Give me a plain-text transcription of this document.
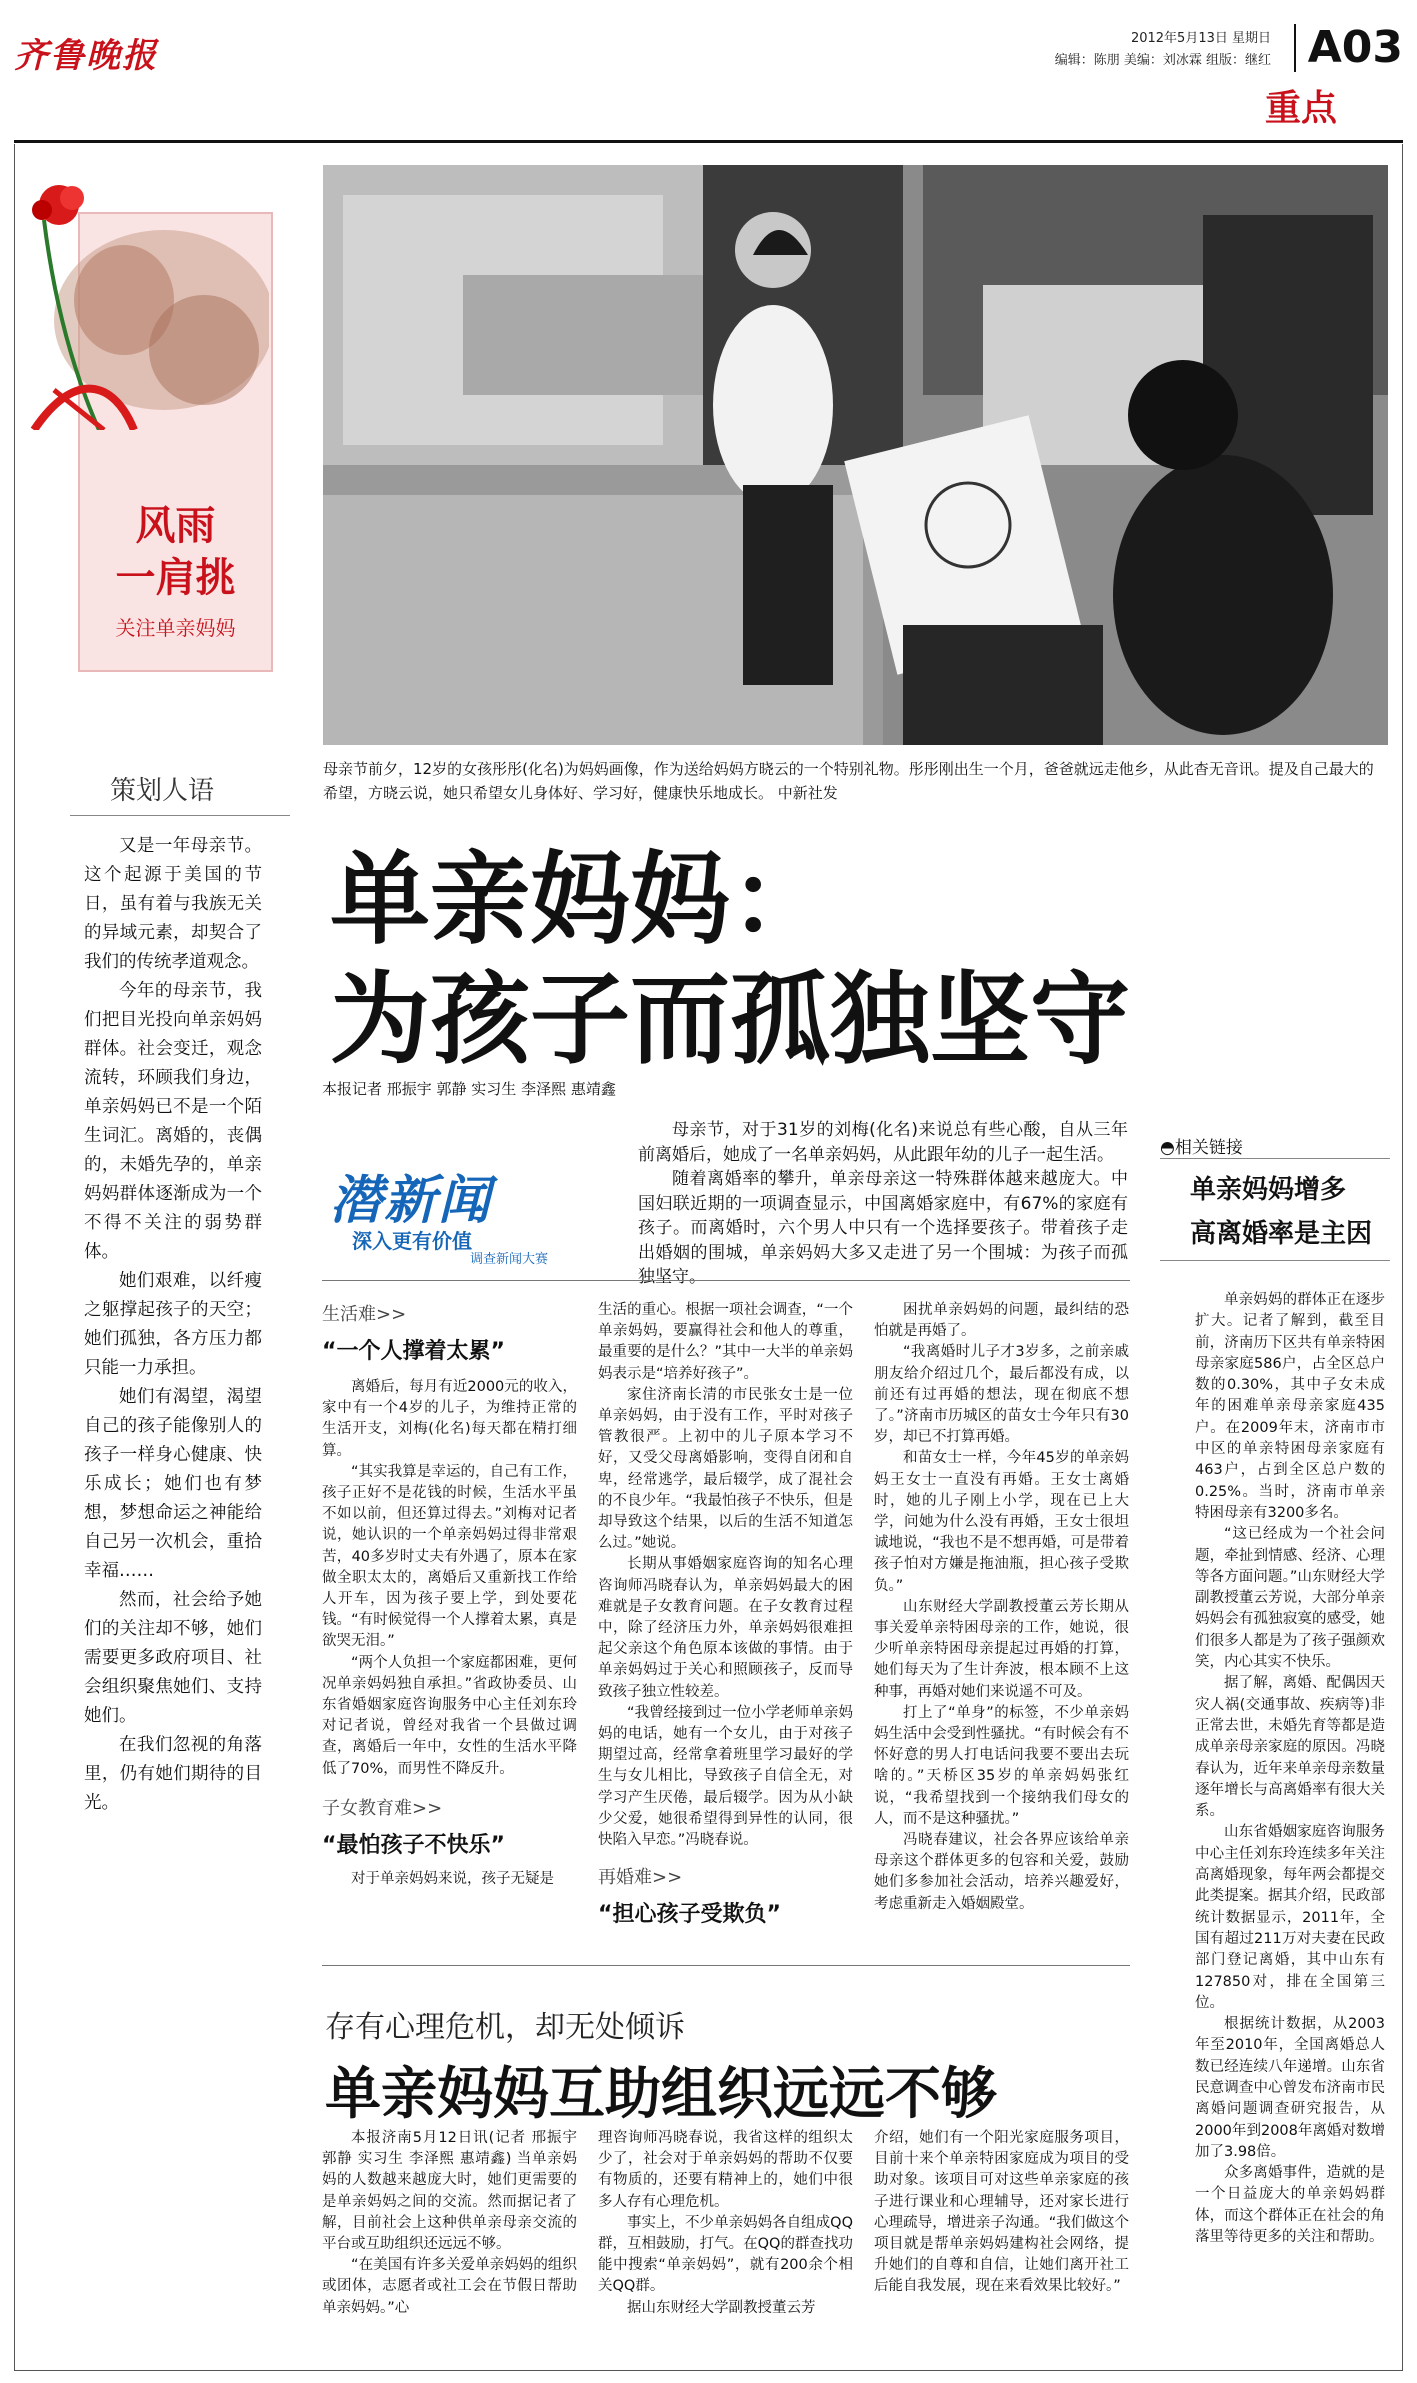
齐鲁晚报	2012年5月13日 星期日
编辑：陈朋 美编：刘冰霖 组版：继红 A03
重点
风雨
一肩挑
关注单亲妈妈
母亲节前夕，12岁的女孩彤彤(化名)为妈妈画像，作为送给妈妈方晓云的一个特别礼物。彤彤刚出生一个月，爸爸就远走他乡，从此杳无音讯。提及自己最大的希望，方晓云说，她只希望女儿身体好、学习好，健康快乐地成长。 中新社发
策划人语

又是一年母亲节。这个起源于美国的节日，虽有着与我族无关的异域元素，却契合了我们的传统孝道观念。

今年的母亲节，我们把目光投向单亲妈妈群体。社会变迁，观念流转，环顾我们身边，单亲妈妈已不是一个陌生词汇。离婚的，丧偶的，未婚先孕的，单亲妈妈群体逐渐成为一个不得不关注的弱势群体。

她们艰难，以纤瘦之躯撑起孩子的天空；她们孤独，各方压力都只能一力承担。

她们有渴望，渴望自己的孩子能像别人的孩子一样身心健康、快乐成长；她们也有梦想，梦想命运之神能给自己另一次机会，重拾幸福……

然而，社会给予她们的关注却不够，她们需要更多政府项目、社会组织聚焦她们、支持她们。

在我们忽视的角落里，仍有她们期待的目光。

单亲妈妈：
为孩子而孤独坚守
本报记者 邢振宇 郭静 实习生 李泽熙 惠靖鑫
潜新闻
深入更有价值
调查新闻大赛

母亲节，对于31岁的刘梅(化名)来说总有些心酸，自从三年前离婚后，她成了一名单亲妈妈，从此跟年幼的儿子一起生活。

随着离婚率的攀升，单亲母亲这一特殊群体越来越庞大。中国妇联近期的一项调查显示，中国离婚家庭中，有67%的家庭有孩子。而离婚时，六个男人中只有一个选择要孩子。带着孩子走出婚姻的围城，单亲妈妈大多又走进了另一个围城：为孩子而孤独坚守。

生活难>>
“一个人撑着太累”

离婚后，每月有近2000元的收入，家中有一个4岁的儿子，为维持正常的生活开支，刘梅(化名)每天都在精打细算。

“其实我算是幸运的，自己有工作，孩子正好不是花钱的时候，生活水平虽不如以前，但还算过得去。”刘梅对记者说，她认识的一个单亲妈妈过得非常艰苦，40多岁时丈夫有外遇了，原本在家做全职太太的，离婚后又重新找工作给人开车，因为孩子要上学，到处要花钱。“有时候觉得一个人撑着太累，真是欲哭无泪。”

“两个人负担一个家庭都困难，更何况单亲妈妈独自承担。”省政协委员、山东省婚姻家庭咨询服务中心主任刘东玲对记者说，曾经对我省一个县做过调查，离婚后一年中，女性的生活水平降低了70%，而男性不降反升。

子女教育难>>
“最怕孩子不快乐”

对于单亲妈妈来说，孩子无疑是

生活的重心。根据一项社会调查，“一个单亲妈妈，要赢得社会和他人的尊重，最重要的是什么？”其中一大半的单亲妈妈表示是“培养好孩子”。

家住济南长清的市民张女士是一位单亲妈妈，由于没有工作，平时对孩子管教很严。上初中的儿子原本学习不好，又受父母离婚影响，变得自闭和自卑，经常逃学，最后辍学，成了混社会的不良少年。“我最怕孩子不快乐，但是却导致这个结果，以后的生活不知道怎么过。”她说。

长期从事婚姻家庭咨询的知名心理咨询师冯晓春认为，单亲妈妈最大的困难就是子女教育问题。在子女教育过程中，除了经济压力外，单亲妈妈很难担起父亲这个角色原本该做的事情。由于单亲妈妈过于关心和照顾孩子，反而导致孩子独立性较差。

“我曾经接到过一位小学老师单亲妈妈的电话，她有一个女儿，由于对孩子期望过高，经常拿着班里学习最好的学生与女儿相比，导致孩子自信全无，对学习产生厌倦，最后辍学。因为从小缺少父爱，她很希望得到异性的认同，很快陷入早恋。”冯晓春说。

再婚难>>
“担心孩子受欺负”

困扰单亲妈妈的问题，最纠结的恐怕就是再婚了。

“我离婚时儿子才3岁多，之前亲戚朋友给介绍过几个，最后都没有成，以前还有过再婚的想法，现在彻底不想了。”济南市历城区的苗女士今年只有30岁，却已不打算再婚。

和苗女士一样，今年45岁的单亲妈妈王女士一直没有再婚。王女士离婚时，她的儿子刚上小学，现在已上大学，问她为什么没有再婚，王女士很坦诚地说，“我也不是不想再婚，可是带着孩子怕对方嫌是拖油瓶，担心孩子受欺负。”

山东财经大学副教授董云芳长期从事关爱单亲特困母亲的工作，她说，很少听单亲特困母亲提起过再婚的打算，她们每天为了生计奔波，根本顾不上这种事，再婚对她们来说遥不可及。

打上了“单身”的标签，不少单亲妈妈生活中会受到性骚扰。“有时候会有不怀好意的男人打电话问我要不要出去玩啥的。”天桥区35岁的单亲妈妈张红说，“我希望找到一个接纳我们母女的人，而不是这种骚扰。”

冯晓春建议，社会各界应该给单亲母亲这个群体更多的包容和关爱，鼓励她们多参加社会活动，培养兴趣爱好，考虑重新走入婚姻殿堂。

◓相关链接
单亲妈妈增多
高离婚率是主因

单亲妈妈的群体正在逐步扩大。记者了解到，截至目前，济南历下区共有单亲特困母亲家庭586户，占全区总户数的0.30%，其中子女未成年的困难单亲母亲家庭435户。在2009年末，济南市市中区的单亲特困母亲家庭有463户，占到全区总户数的0.25%。当时，济南市单亲特困母亲有3200多名。

“这已经成为一个社会问题，牵扯到情感、经济、心理等各方面问题。”山东财经大学副教授董云芳说，大部分单亲妈妈会有孤独寂寞的感受，她们很多人都是为了孩子强颜欢笑，内心其实不快乐。

据了解，离婚、配偶因天灾人祸(交通事故、疾病等)非正常去世，未婚先育等都是造成单亲母亲家庭的原因。冯晓春认为，近年来单亲母亲数量逐年增长与高离婚率有很大关系。

山东省婚姻家庭咨询服务中心主任刘东玲连续多年关注高离婚现象，每年两会都提交此类提案。据其介绍，民政部统计数据显示，2011年，全国有超过211万对夫妻在民政部门登记离婚，其中山东有127850对，排在全国第三位。

根据统计数据，从2003年至2010年，全国离婚总人数已经连续八年递增。山东省民意调查中心曾发布济南市民离婚问题调查研究报告，从2000年到2008年离婚对数增加了3.98倍。

众多离婚事件，造就的是一个日益庞大的单亲妈妈群体，而这个群体正在社会的角落里等待更多的关注和帮助。

存有心理危机，却无处倾诉
单亲妈妈互助组织远远不够

本报济南5月12日讯(记者 邢振宇 郭静 实习生 李泽熙 惠靖鑫) 当单亲妈妈的人数越来越庞大时，她们更需要的是单亲妈妈之间的交流。然而据记者了解，目前社会上这种供单亲母亲交流的平台或互助组织还远远不够。

“在美国有许多关爱单亲妈妈的组织或团体，志愿者或社工会在节假日帮助单亲妈妈。”心

理咨询师冯晓春说，我省这样的组织太少了，社会对于单亲妈妈的帮助不仅要有物质的，还要有精神上的，她们中很多人存有心理危机。

事实上，不少单亲妈妈各自组成QQ群，互相鼓励，打气。在QQ的群查找功能中搜索“单亲妈妈”，就有200余个相关QQ群。

据山东财经大学副教授董云芳

介绍，她们有一个阳光家庭服务项目，目前十来个单亲特困家庭成为项目的受助对象。该项目可对这些单亲家庭的孩子进行课业和心理辅导，还对家长进行心理疏导，增进亲子沟通。“我们做这个项目就是帮单亲妈妈建构社会网络，提升她们的自尊和自信，让她们离开社工后能自我发展，现在来看效果比较好。”
